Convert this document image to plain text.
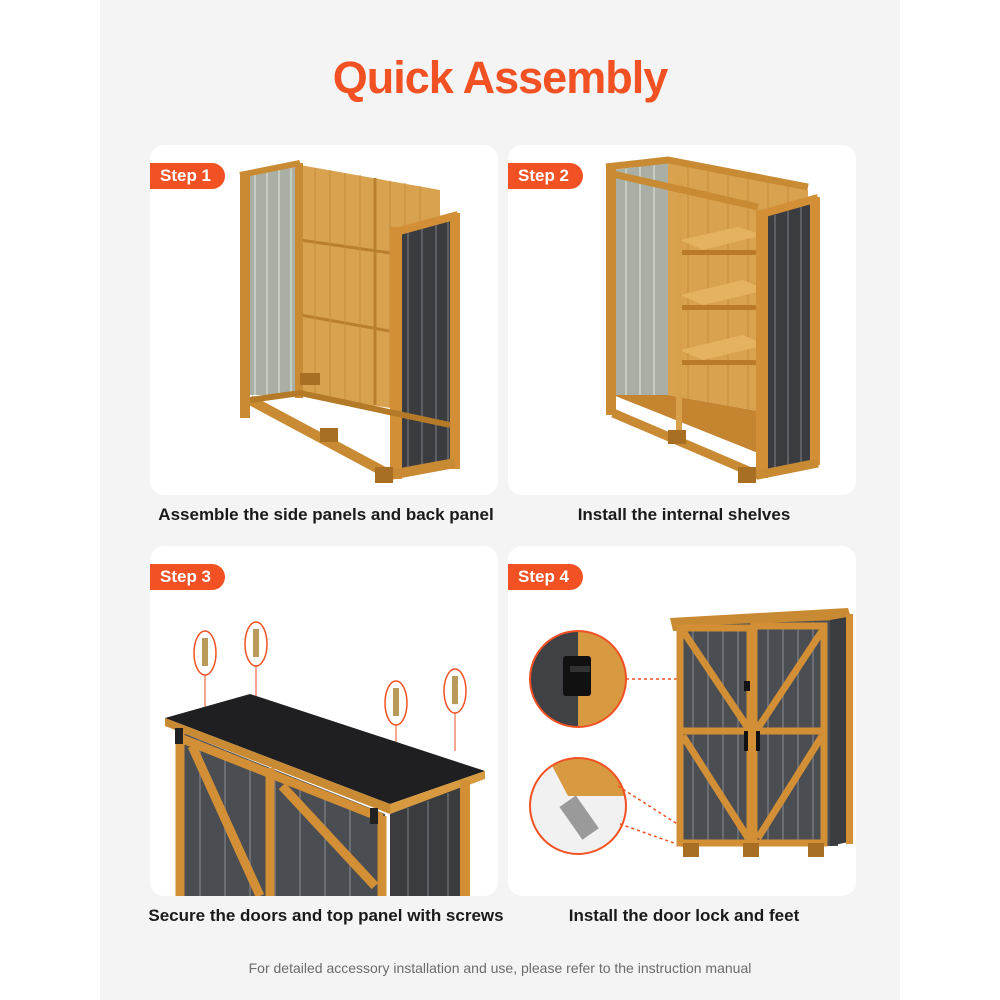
Quick Assembly
Step 1
Assemble the side panels and back panel
Step 2
Install the internal shelves
Step 3
Secure the doors and top panel with screws
Step 4
Install the door lock and feet
For detailed accessory installation and use, please refer to the instruction manual
